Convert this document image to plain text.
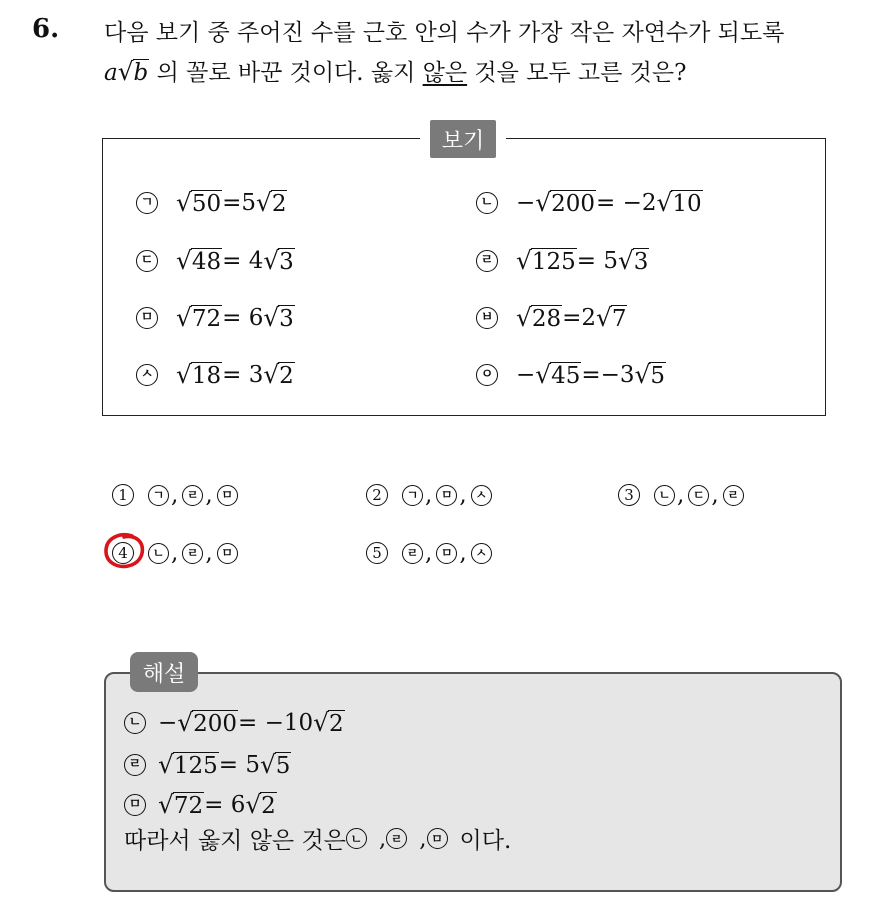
6. 다음 보기 중 주어진 수를 근호 안의 수가 가장 작은 자연수가 되도록
a√b 의 꼴로 바꾼 것이다. 옳지 않은 것을 모두 고른 것은?
보기
ㄱ √50 =5 √2	ㄴ − √200 = −2 √10
ㄷ √48 = 4 √3	ㄹ √125 = 5 √3
ㅁ √72 = 6 √3	ㅂ √28 =2 √7
ㅅ √18 = 3 √2	ㅇ − √45 =−3 √5
1	ㄱ , ㄹ , ㅁ	2	ㄱ , ㅁ , ㅅ	3	ㄴ , ㄷ , ㄹ
4	ㄴ , ㄹ , ㅁ	5	ㄹ , ㅁ , ㅅ
해설
ㄴ − √200 = −10 √2
ㄹ √125 = 5 √5
ㅁ √72 = 6 √2
따라서 옳지 않은 것은 ㄴ , ㄹ , ㅁ 이다.
